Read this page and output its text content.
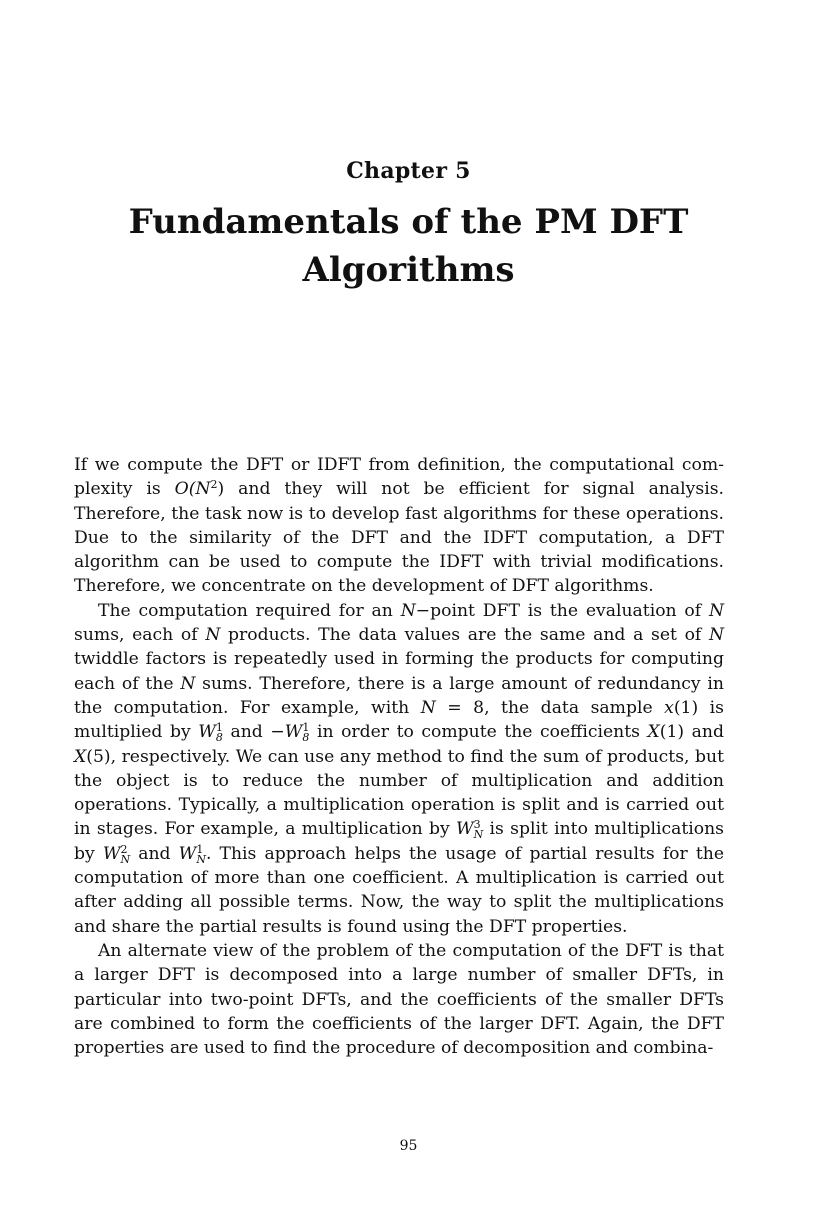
Chapter 5
Fundamentals of the PM DFT
Algorithms

If we compute the DFT or IDFT from definition, the computational com-plexity is $O(N^2)$ and they will not be efficient for signal analysis. Therefore, the task now is to develop fast algorithms for these operations. Due to the similarity of the DFT and the IDFT computation, a DFT algorithm can be used to compute the IDFT with trivial modifications. Therefore, we concentrate on the development of DFT algorithms.

The computation required for an N−point DFT is the evaluation of N sums, each of N products. The data values are the same and a set of N twiddle factors is repeatedly used in forming the products for computing each of the N sums. Therefore, there is a large amount of redundancy in the computation. For example, with N = 8, the data sample x(1) is multiplied by $W^1_8$ and $-W^1_8$ in order to compute the coefficients X(1) and X(5), respectively. We can use any method to find the sum of products, but the object is to reduce the number of multiplication and addition operations. Typically, a multiplication operation is split and is carried out in stages. For example, a multiplication by $W^3_N$ is split into multiplications by $W^2_N$ and $W^1_N$. This approach helps the usage of partial results for the computation of more than one coefficient. A multiplication is carried out after adding all possible terms. Now, the way to split the multiplications and share the partial results is found using the DFT properties.

An alternate view of the problem of the computation of the DFT is that a larger DFT is decomposed into a large number of smaller DFTs, in particular into two-point DFTs, and the coefficients of the smaller DFTs are combined to form the coefficients of the larger DFT. Again, the DFT properties are used to find the procedure of decomposition and combina-

95
